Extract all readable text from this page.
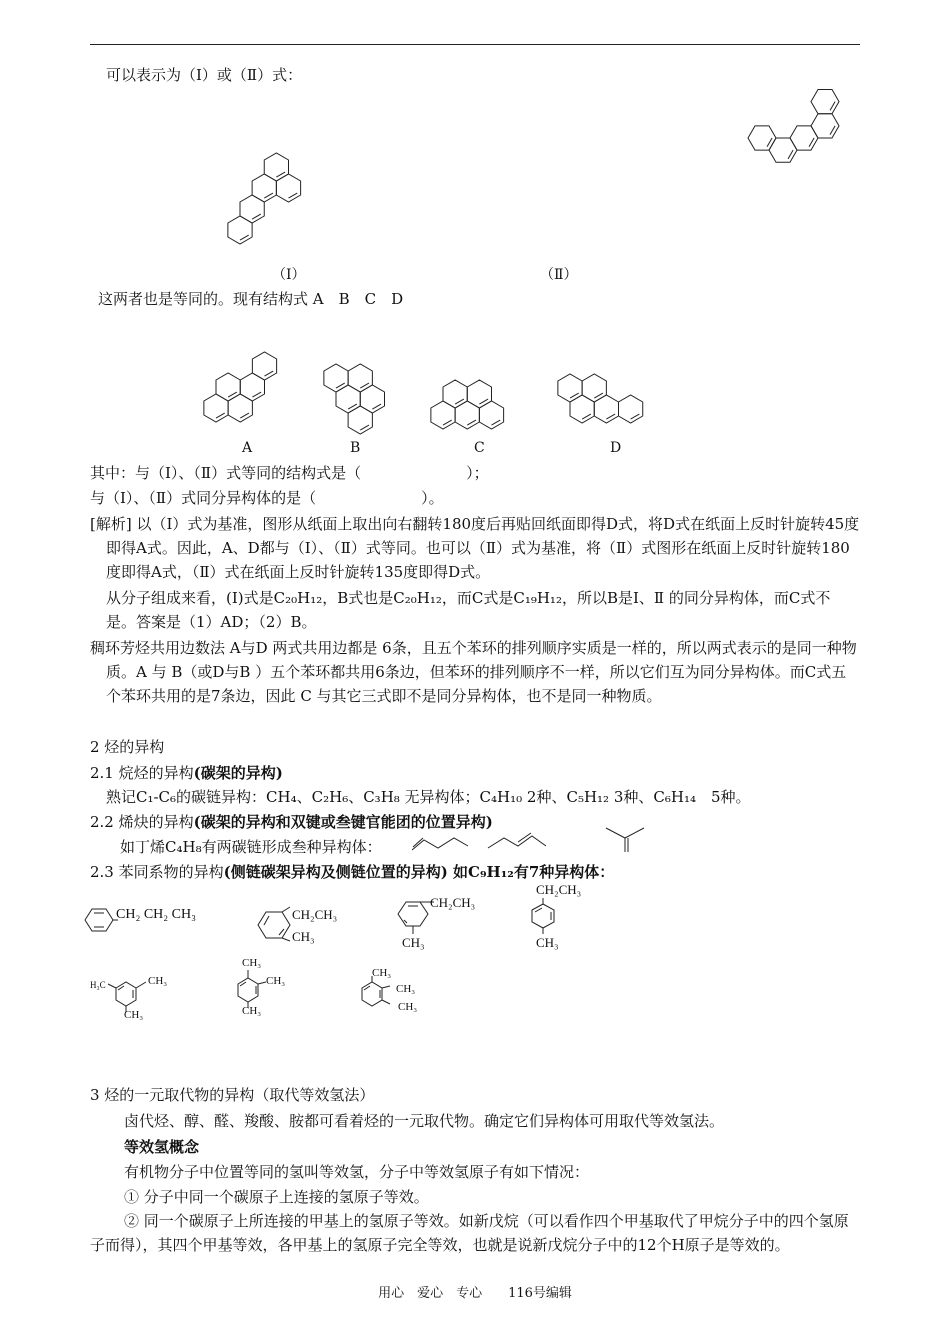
可以表示为（Ⅰ）或（Ⅱ）式：
（Ⅰ）	（Ⅱ）
这两者也是等同的。现有结构式 A　B　C　D
A	B	C	D
其中：与（Ⅰ）、（Ⅱ）式等同的结构式是（　　　　　　　）；
与（Ⅰ）、（Ⅱ）式同分异构体的是（　　　　　　　）。
[解析] 以（Ⅰ）式为基准，图形从纸面上取出向右翻转180度后再贴回纸面即得D式，将D式在纸面上反时针旋转45度即得A式。因此，A、D都与（Ⅰ）、（Ⅱ）式等同。也可以（Ⅱ）式为基准，将（Ⅱ）式图形在纸面上反时针旋转180度即得A式，（Ⅱ）式在纸面上反时针旋转135度即得D式。
从分子组成来看，(Ⅰ)式是C₂₀H₁₂，B式也是C₂₀H₁₂，而C式是C₁₉H₁₂，所以B是Ⅰ、Ⅱ 的同分异构体，而C式不是。答案是（1）AD；（2）B。
稠环芳烃共用边数法 A与D 两式共用边都是 6条，且五个苯环的排列顺序实质是一样的，所以两式表示的是同一种物质。A 与 B（或D与B ）五个苯环都共用6条边，但苯环的排列顺序不一样，所以它们互为同分异构体。而C式五个苯环共用的是7条边，因此 C 与其它三式即不是同分异构体，也不是同一种物质。
2 烃的异构
2.1 烷烃的异构(碳架的异构)
熟记C₁-C₆的碳链异构：CH₄、C₂H₆、C₃H₈ 无异构体；C₄H₁₀ 2种、C₅H₁₂ 3种、C₆H₁₄　5种。
2.2 烯炔的异构(碳架的异构和双键或叁键官能团的位置异构)
如丁烯C₄H₈有两碳链形成叁种异构体：
2.3 苯同系物的异构(侧链碳架异构及侧链位置的异构) 如C₉H₁₂有7种异构体：
CH₂ CH₂ CH₃	CH₂CH₃
CH₃
CH₂CH₃
CH₃
CH₂CH₃
CH₃
H₃C	CH₃
CH₃
CH₃
CH₃
CH₃
CH₃
CH₃
CH₃
3 烃的一元取代物的异构（取代等效氢法）
卤代烃、醇、醛、羧酸、胺都可看着烃的一元取代物。确定它们异构体可用取代等效氢法。
等效氢概念
有机物分子中位置等同的氢叫等效氢，分子中等效氢原子有如下情况：
① 分子中同一个碳原子上连接的氢原子等效。
② 同一个碳原子上所连接的甲基上的氢原子等效。如新戊烷（可以看作四个甲基取代了甲烷分子中的四个氢原子而得），其四个甲基等效，各甲基上的氢原子完全等效，也就是说新戊烷分子中的12个H原子是等效的。
用心　爱心　专心　　116号编辑
